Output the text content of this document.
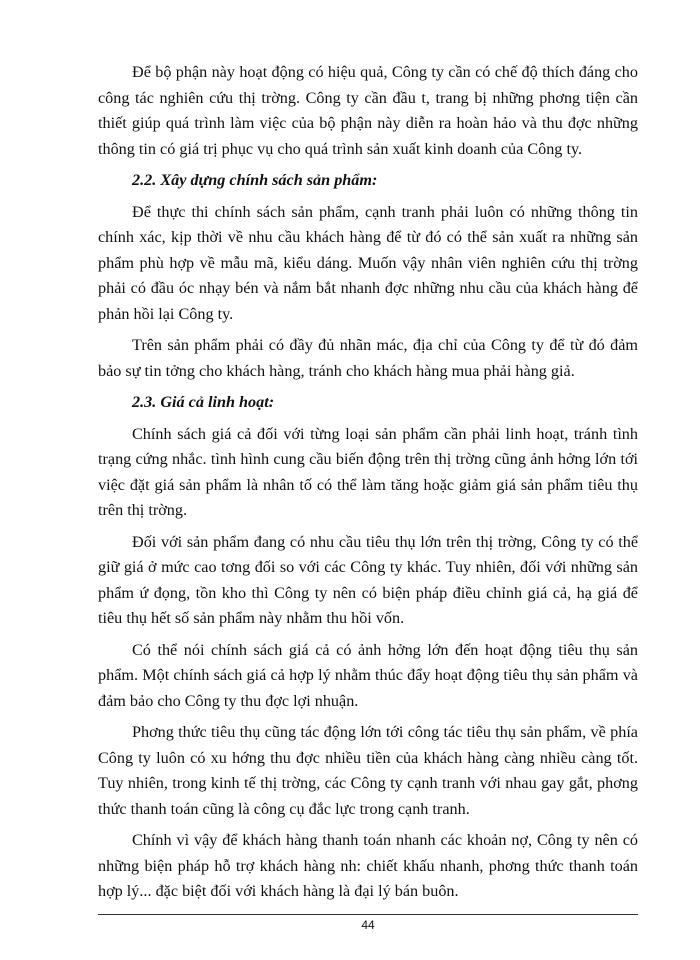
Để bộ phận này hoạt động có hiệu quả, Công ty cần có chế độ thích đáng cho công tác nghiên cứu thị trờng. Công ty cần đầu t, trang bị những phơng tiện cần thiết giúp quá trình làm việc của bộ phận này diễn ra hoàn hảo và thu đợc những thông tin có giá trị phục vụ cho quá trình sản xuất kinh doanh của Công ty.

2.2. Xây dựng chính sách sản phẩm:

Để thực thi chính sách sản phẩm, cạnh tranh phải luôn có những thông tin chính xác, kịp thời về nhu cầu khách hàng để từ đó có thể sản xuất ra những sản phẩm phù hợp về mẫu mã, kiểu dáng. Muốn vậy nhân viên nghiên cứu thị trờng phải có đầu óc nhạy bén và nắm bắt nhanh đợc những nhu cầu của khách hàng để phản hồi lại Công ty.

Trên sản phẩm phải có đầy đủ nhãn mác, địa chỉ của Công ty để từ đó đảm bảo sự tin tởng cho khách hàng, tránh cho khách hàng mua phải hàng giả.

2.3. Giá cả linh hoạt:

Chính sách giá cả đối với từng loại sản phẩm cần phải linh hoạt, tránh tình trạng cứng nhắc. tình hình cung cầu biến động trên thị trờng cũng ảnh hởng lớn tới việc đặt giá sản phẩm là nhân tố có thể làm tăng hoặc giảm giá sản phẩm tiêu thụ trên thị trờng.

Đối với sản phẩm đang có nhu cầu tiêu thụ lớn trên thị trờng, Công ty có thể giữ giá ở mức cao tơng đối so với các Công ty khác. Tuy nhiên, đối với những sản phẩm ứ đọng, tồn kho thì Công ty nên có biện pháp điều chỉnh giá cả, hạ giá để tiêu thụ hết số sản phẩm này nhằm thu hồi vốn.

Có thể nói chính sách giá cả có ảnh hởng lớn đến hoạt động tiêu thụ sản phẩm. Một chính sách giá cả hợp lý nhằm thúc đẩy hoạt động tiêu thụ sản phẩm và đảm bảo cho Công ty thu đợc lợi nhuận.

Phơng thức tiêu thụ cũng tác động lớn tới công tác tiêu thụ sản phẩm, về phía Công ty luôn có xu hớng thu đợc nhiều tiền của khách hàng càng nhiều càng tốt. Tuy nhiên, trong kinh tế thị trờng, các Công ty cạnh tranh với nhau gay gắt, phơng thức thanh toán cũng là công cụ đắc lực trong cạnh tranh.

Chính vì vậy để khách hàng thanh toán nhanh các khoản nợ, Công ty nên có những biện pháp hỗ trợ khách hàng nh: chiết khấu nhanh, phơng thức thanh toán hợp lý... đặc biệt đối với khách hàng là đại lý bán buôn.

44
